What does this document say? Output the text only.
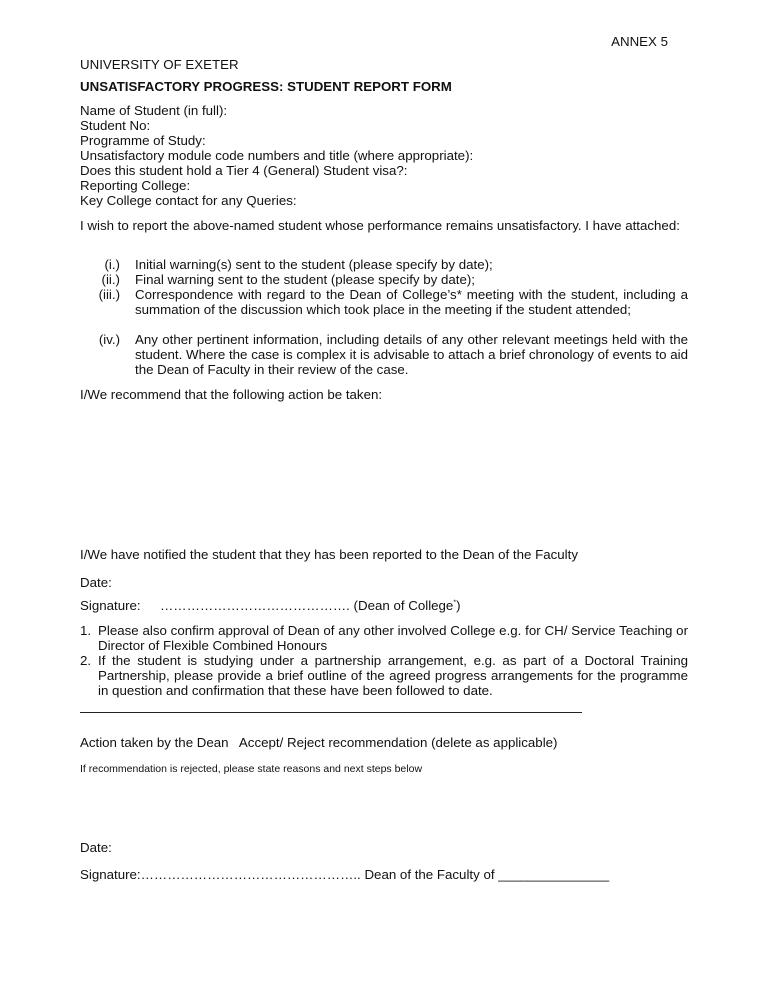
ANNEX 5
UNIVERSITY OF EXETER
UNSATISFACTORY PROGRESS: STUDENT REPORT FORM
Name of Student (in full):
Student No:
Programme of Study:
Unsatisfactory module code numbers and title (where appropriate):
Does this student hold a Tier 4 (General) Student visa?:
Reporting College:
Key College contact for any Queries:
I wish to report the above-named student whose performance remains unsatisfactory. I have attached:
(i.) Initial warning(s) sent to the student (please specify by date);
(ii.) Final warning sent to the student (please specify by date);
(iii.) Correspondence with regard to the Dean of College’s* meeting with the student, including a summation of the discussion which took place in the meeting if the student attended;
(iv.) Any other pertinent information, including details of any other relevant meetings held with the student. Where the case is complex it is advisable to attach a brief chronology of events to aid the Dean of Faculty in their review of the case.
I/We recommend that the following action be taken:
I/We have notified the student that they has been reported to the Dean of the Faculty
Date:
Signature: ……………………………………. (Dean of College*)
1. Please also confirm approval of Dean of any other involved College e.g. for CH/ Service Teaching or Director of Flexible Combined Honours
2. If the student is studying under a partnership arrangement, e.g. as part of a Doctoral Training Partnership, please provide a brief outline of the agreed progress arrangements for the programme in question and confirmation that these have been followed to date.
Action taken by the Dean   Accept/ Reject recommendation (delete as applicable)
If recommendation is rejected, please state reasons and next steps below
Date:
Signature:………………………………………….. Dean of the Faculty of _______________
